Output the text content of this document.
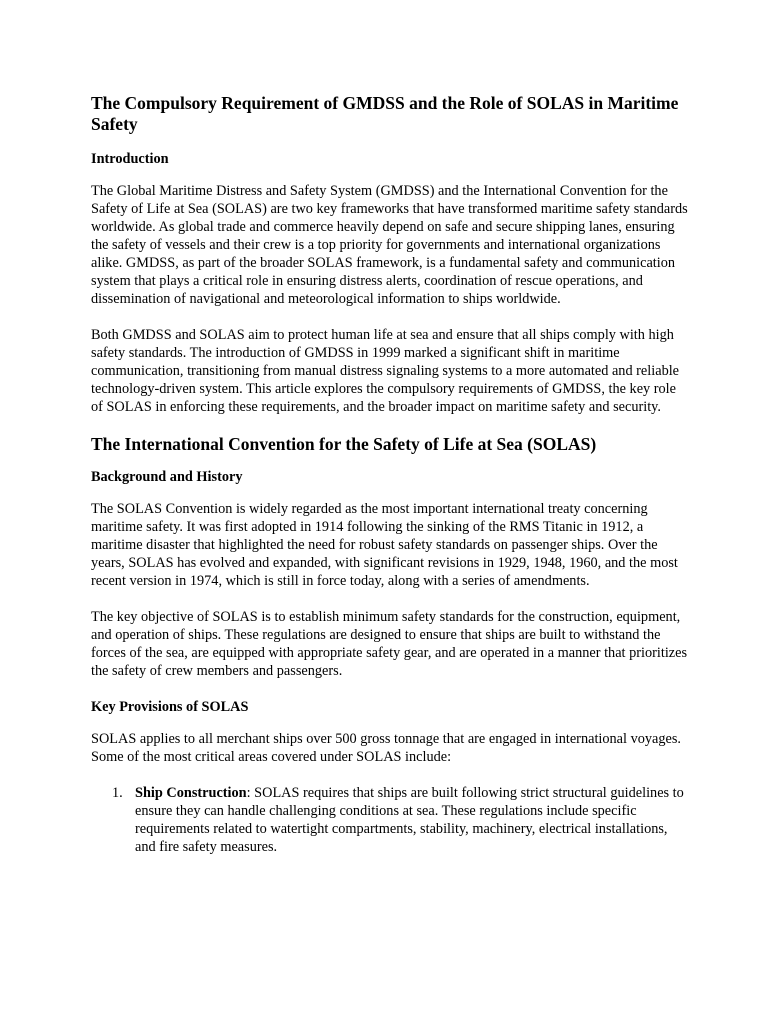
The Compulsory Requirement of GMDSS and the Role of SOLAS in Maritime Safety
Introduction

The Global Maritime Distress and Safety System (GMDSS) and the International Convention for the Safety of Life at Sea (SOLAS) are two key frameworks that have transformed maritime safety standards worldwide. As global trade and commerce heavily depend on safe and secure shipping lanes, ensuring the safety of vessels and their crew is a top priority for governments and international organizations alike. GMDSS, as part of the broader SOLAS framework, is a fundamental safety and communication system that plays a critical role in ensuring distress alerts, coordination of rescue operations, and dissemination of navigational and meteorological information to ships worldwide.

Both GMDSS and SOLAS aim to protect human life at sea and ensure that all ships comply with high safety standards. The introduction of GMDSS in 1999 marked a significant shift in maritime communication, transitioning from manual distress signaling systems to a more automated and reliable technology-driven system. This article explores the compulsory requirements of GMDSS, the key role of SOLAS in enforcing these requirements, and the broader impact on maritime safety and security.

The International Convention for the Safety of Life at Sea (SOLAS)
Background and History

The SOLAS Convention is widely regarded as the most important international treaty concerning maritime safety. It was first adopted in 1914 following the sinking of the RMS Titanic in 1912, a maritime disaster that highlighted the need for robust safety standards on passenger ships. Over the years, SOLAS has evolved and expanded, with significant revisions in 1929, 1948, 1960, and the most recent version in 1974, which is still in force today, along with a series of amendments.

The key objective of SOLAS is to establish minimum safety standards for the construction, equipment, and operation of ships. These regulations are designed to ensure that ships are built to withstand the forces of the sea, are equipped with appropriate safety gear, and are operated in a manner that prioritizes the safety of crew members and passengers.

Key Provisions of SOLAS

SOLAS applies to all merchant ships over 500 gross tonnage that are engaged in international voyages. Some of the most critical areas covered under SOLAS include:

1. Ship Construction: SOLAS requires that ships are built following strict structural guidelines to ensure they can handle challenging conditions at sea. These regulations include specific requirements related to watertight compartments, stability, machinery, electrical installations, and fire safety measures.
